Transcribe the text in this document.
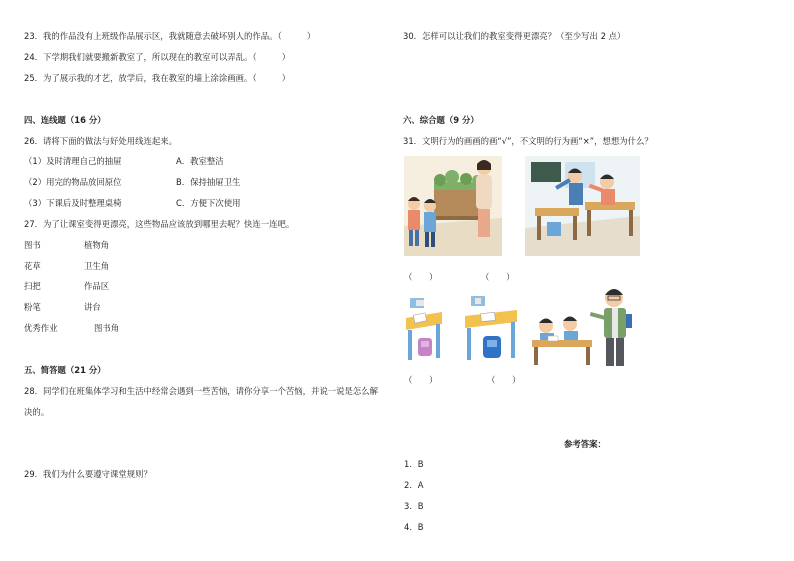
23．我的作品没有上班级作品展示区，我就随意去破坏别人的作品。（　　　）
24．下学期我们就要搬新教室了，所以现在的教室可以弄乱。（　　　）
25．为了展示我的才艺，放学后，我在教室的墙上涂涂画画。（　　　）
四、连线题（16 分）
26．请将下面的做法与好处用线连起来。
（1）及时清理自己的抽屉	A．教室整洁
（2）用完的物品放回原位	B．保持抽屉卫生
（3）下课后及时整理桌椅	C．方便下次使用
27．为了让课室变得更漂亮，这些物品应该放到哪里去呢？快连一连吧。
图书	植物角
花草	卫生角
扫把	作品区
粉笔	讲台
优秀作业	图书角
五、简答题（21 分）
28．同学们在班集体学习和生活中经常会遇到一些苦恼，请你分享一个苦恼，并说一说是怎么解
决的。
29．我们为什么要遵守课堂规则？
30．怎样可以让我们的教室变得更漂亮？（至少写出 2 点）
六、综合题（9 分）
31．文明行为的画画的画“√”，不文明的行为画“×”，想想为什么？
（　　）	（　　）
（　　）	（　　）
参考答案：
1．B
2．A
3．B
4．B
